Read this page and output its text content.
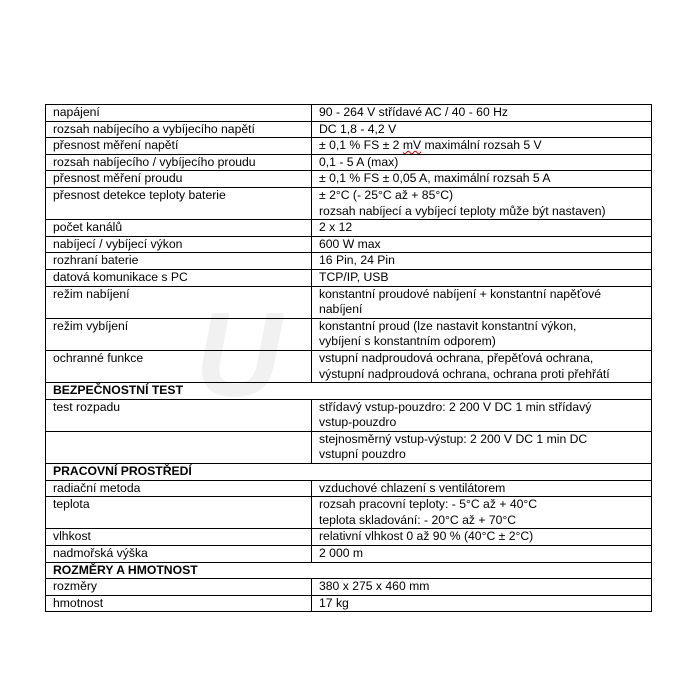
U
napájení	90 - 264 V střídavé AC / 40 - 60 Hz

rozsah nabíjecího a vybíjecího napětí	DC 1,8 - 4,2 V

přesnost měření napětí	± 0,1 % FS ± 2 mV maximální rozsah 5 V

rozsah nabíjecího / vybíjecího proudu	0,1 - 5 A (max)

přesnost měření proudu	± 0,1 % FS ± 0,05 A, maximální rozsah 5 A

přesnost detekce teploty baterie	± 2°C (- 25°C až + 85°C)
rozsah nabíjecí a vybíjecí teploty může být nastaven)

počet kanálů	2 x 12

nabíjecí / vybíjecí výkon	600 W max

rozhraní baterie	16 Pin, 24 Pin

datová komunikace s PC	TCP/IP, USB

režim nabíjení	konstantní proudové nabíjení + konstantní napěťové
nabíjení

režim vybíjení	konstantní proud (lze nastavit konstantní výkon,
vybíjení s konstantním odporem)

ochranné funkce	vstupní nadproudová ochrana, přepěťová ochrana,
výstupní nadproudová ochrana, ochrana proti přehřátí

BEZPEČNOSTNÍ TEST	
test rozpadu	střídavý vstup-pouzdro: 2 200 V DC 1 min střídavý
vstup-pouzdro

	stejnosměrný vstup-výstup: 2 200 V DC 1 min DC
vstupní pouzdro

PRACOVNÍ PROSTŘEDÍ	
radiační metoda	vzduchové chlazení s ventilátorem

teplota	rozsah pracovní teploty: - 5°C až + 40°C
teplota skladování: - 20°C až + 70°C

vlhkost	relativní vlhkost 0 až 90 % (40°C ± 2°C)

nadmořská výška	2 000 m

ROZMĚRY A HMOTNOST	
rozměry	380 x 275 x 460 mm

hmotnost	17 kg
